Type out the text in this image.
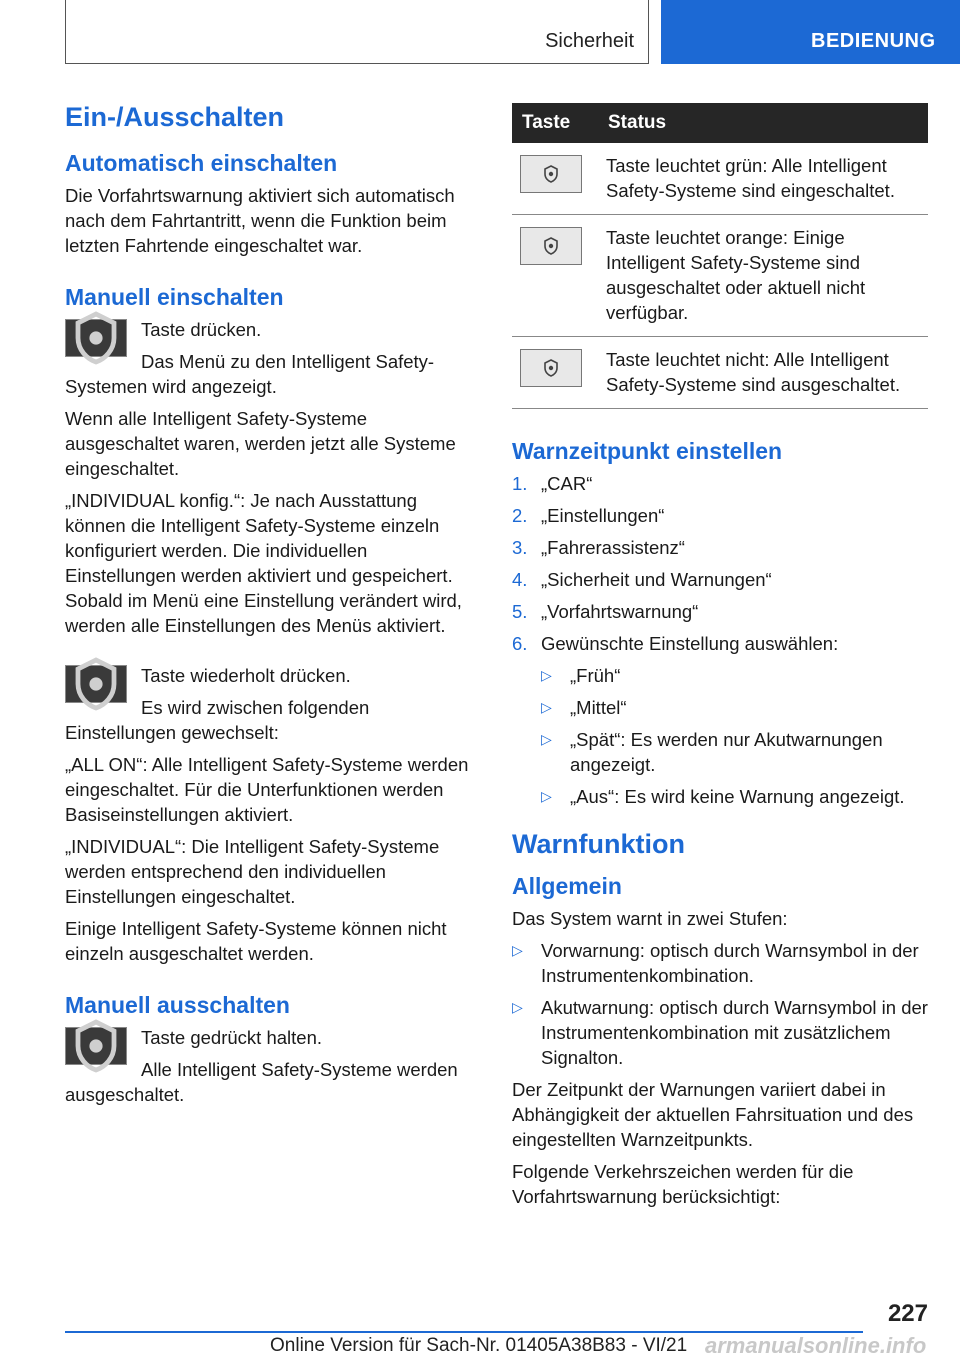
Sicherheit	BEDIENUNG
Ein-/Ausschalten
Automatisch einschalten

Die Vorfahrtswarnung aktiviert sich automatisch nach dem Fahrtantritt, wenn die Funktion beim letzten Fahrtende eingeschaltet war.

Manuell einschalten

Taste drücken.

Das Menü zu den Intelligent Safety-Systemen wird angezeigt.

Wenn alle Intelligent Safety-Systeme ausgeschaltet waren, werden jetzt alle Systeme eingeschaltet.

„INDIVIDUAL konfig.“: Je nach Ausstattung können die Intelligent Safety-Systeme einzeln konfiguriert werden. Die individuellen Einstellungen werden aktiviert und gespeichert. Sobald im Menü eine Einstellung verändert wird, werden alle Einstellungen des Menüs aktiviert.

Taste wiederholt drücken.

Es wird zwischen folgenden Einstellungen gewechselt:

„ALL ON“: Alle Intelligent Safety-Systeme werden eingeschaltet. Für die Unterfunktionen werden Basiseinstellungen aktiviert.

„INDIVIDUAL“: Die Intelligent Safety-Systeme werden entsprechend den individuellen Einstellungen eingeschaltet.

Einige Intelligent Safety-Systeme können nicht einzeln ausgeschaltet werden.

Manuell ausschalten

Taste gedrückt halten.

Alle Intelligent Safety-Systeme werden ausgeschaltet.

Taste	Status

	Taste leuchtet grün: Alle Intelligent Safety-Systeme sind eingeschaltet.

	Taste leuchtet orange: Einige Intelligent Safety-Systeme sind ausgeschaltet oder aktuell nicht verfügbar.

	Taste leuchtet nicht: Alle Intelligent Safety-Systeme sind ausgeschaltet.
Warnzeitpunkt einstellen
1. „CAR“
2. „Einstellungen“
3. „Fahrerassistenz“
4. „Sicherheit und Warnungen“
5. „Vorfahrtswarnung“
6. Gewünschte Einstellung auswählen:
▷ „Früh“
▷ „Mittel“
▷ „Spät“: Es werden nur Akutwarnungen angezeigt.
▷ „Aus“: Es wird keine Warnung angezeigt.
Warnfunktion
Allgemein

Das System warnt in zwei Stufen:

▷ Vorwarnung: optisch durch Warnsymbol in der Instrumentenkombination.
▷ Akutwarnung: optisch durch Warnsymbol in der Instrumentenkombination mit zusätzlichem Signalton.

Der Zeitpunkt der Warnungen variiert dabei in Abhängigkeit der aktuellen Fahrsituation und des eingestellten Warnzeitpunkts.

Folgende Verkehrszeichen werden für die Vorfahrtswarnung berücksichtigt:

227
Online Version für Sach-Nr. 01405A38B83 - VI/21 armanualsonline.info
